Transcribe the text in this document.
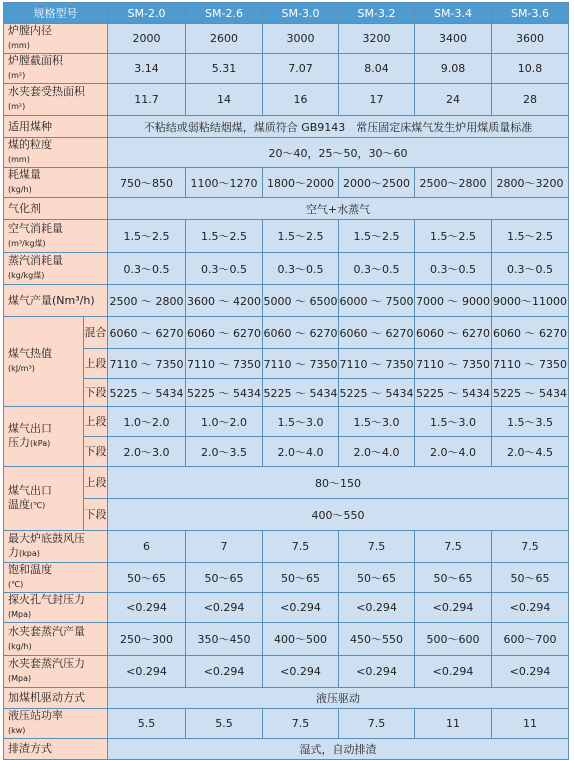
规格型号		SM-2.0	SM-2.6	SM-3.0	SM-3.2	SM-3.4	SM-3.6

炉膛内径
(mm)		2000	2600	3000	3200	3400	3600

炉膛截面积
(m²)		3.14	5.31	7.07	8.04	9.08	10.8

水夹套受热面积
(m²)		11.7	14	16	17	24	28

适用煤种		不粘结或弱粘结烟煤，煤质符合 GB9143　常压固定床煤气发生炉用煤质量标准					

煤的粒度
(mm)		20～40，25～50，30～60					

耗煤量
(kg/h)		750～850	1100～1270	1800～2000	2000～2500	2500～2800	2800～3200

气化剂		空气+水蒸气					

空气消耗量
(m³/kg煤)		1.5～2.5	1.5～2.5	1.5～2.5	1.5～2.5	1.5～2.5	1.5～2.5

蒸汽消耗量
(kg/kg煤)		0.3～0.5	0.3～0.5	0.3～0.5	0.3～0.5	0.3～0.5	0.3～0.5

煤气产量(Nm³/h)		2500 ～ 2800	3600 ～ 4200	5000 ～ 6500	6000 ～ 7500	7000 ～ 9000	9000～11000

煤气热值
(kJ/m³)	混合	6060 ～ 6270	6060 ～ 6270	6060 ～ 6270	6060 ～ 6270	6060 ～ 6270	6060 ～ 6270
	上段	7110 ～ 7350	7110 ～ 7350	7110 ～ 7350	7110 ～ 7350	7110 ～ 7350	7110 ～ 7350
	下段	5225 ～ 5434	5225 ～ 5434	5225 ～ 5434	5225 ～ 5434	5225 ～ 5434	5225 ～ 5434

煤气出口
压力(kPa)	上段	1.0～2.0	1.0～2.0	1.5～3.0	1.5～3.0	1.5～3.0	1.5～3.5
	下段	2.0～3.0	2.0～3.5	2.0～4.0	2.0～4.0	2.0～4.0	2.0～4.5

煤气出口
温度(℃)	上段	80～150					
	下段	400～550					

最大炉底鼓风压
力(kpa)		6	7	7.5	7.5	7.5	7.5

饱和温度
(℃)		50～65	50～65	50～65	50～65	50～65	50～65

探火孔气封压力
(Mpa)		<0.294	<0.294	<0.294	<0.294	<0.294	<0.294

水夹套蒸汽产量
(kg/h)		250～300	350～450	400～500	450～550	500～600	600～700

水夹套蒸汽压力
(Mpa)		<0.294	<0.294	<0.294	<0.294	<0.294	<0.294

加煤机驱动方式		液压驱动					

液压站功率
(kw)		5.5	5.5	7.5	7.5	11	11

排渣方式		湿式，自动排渣					
